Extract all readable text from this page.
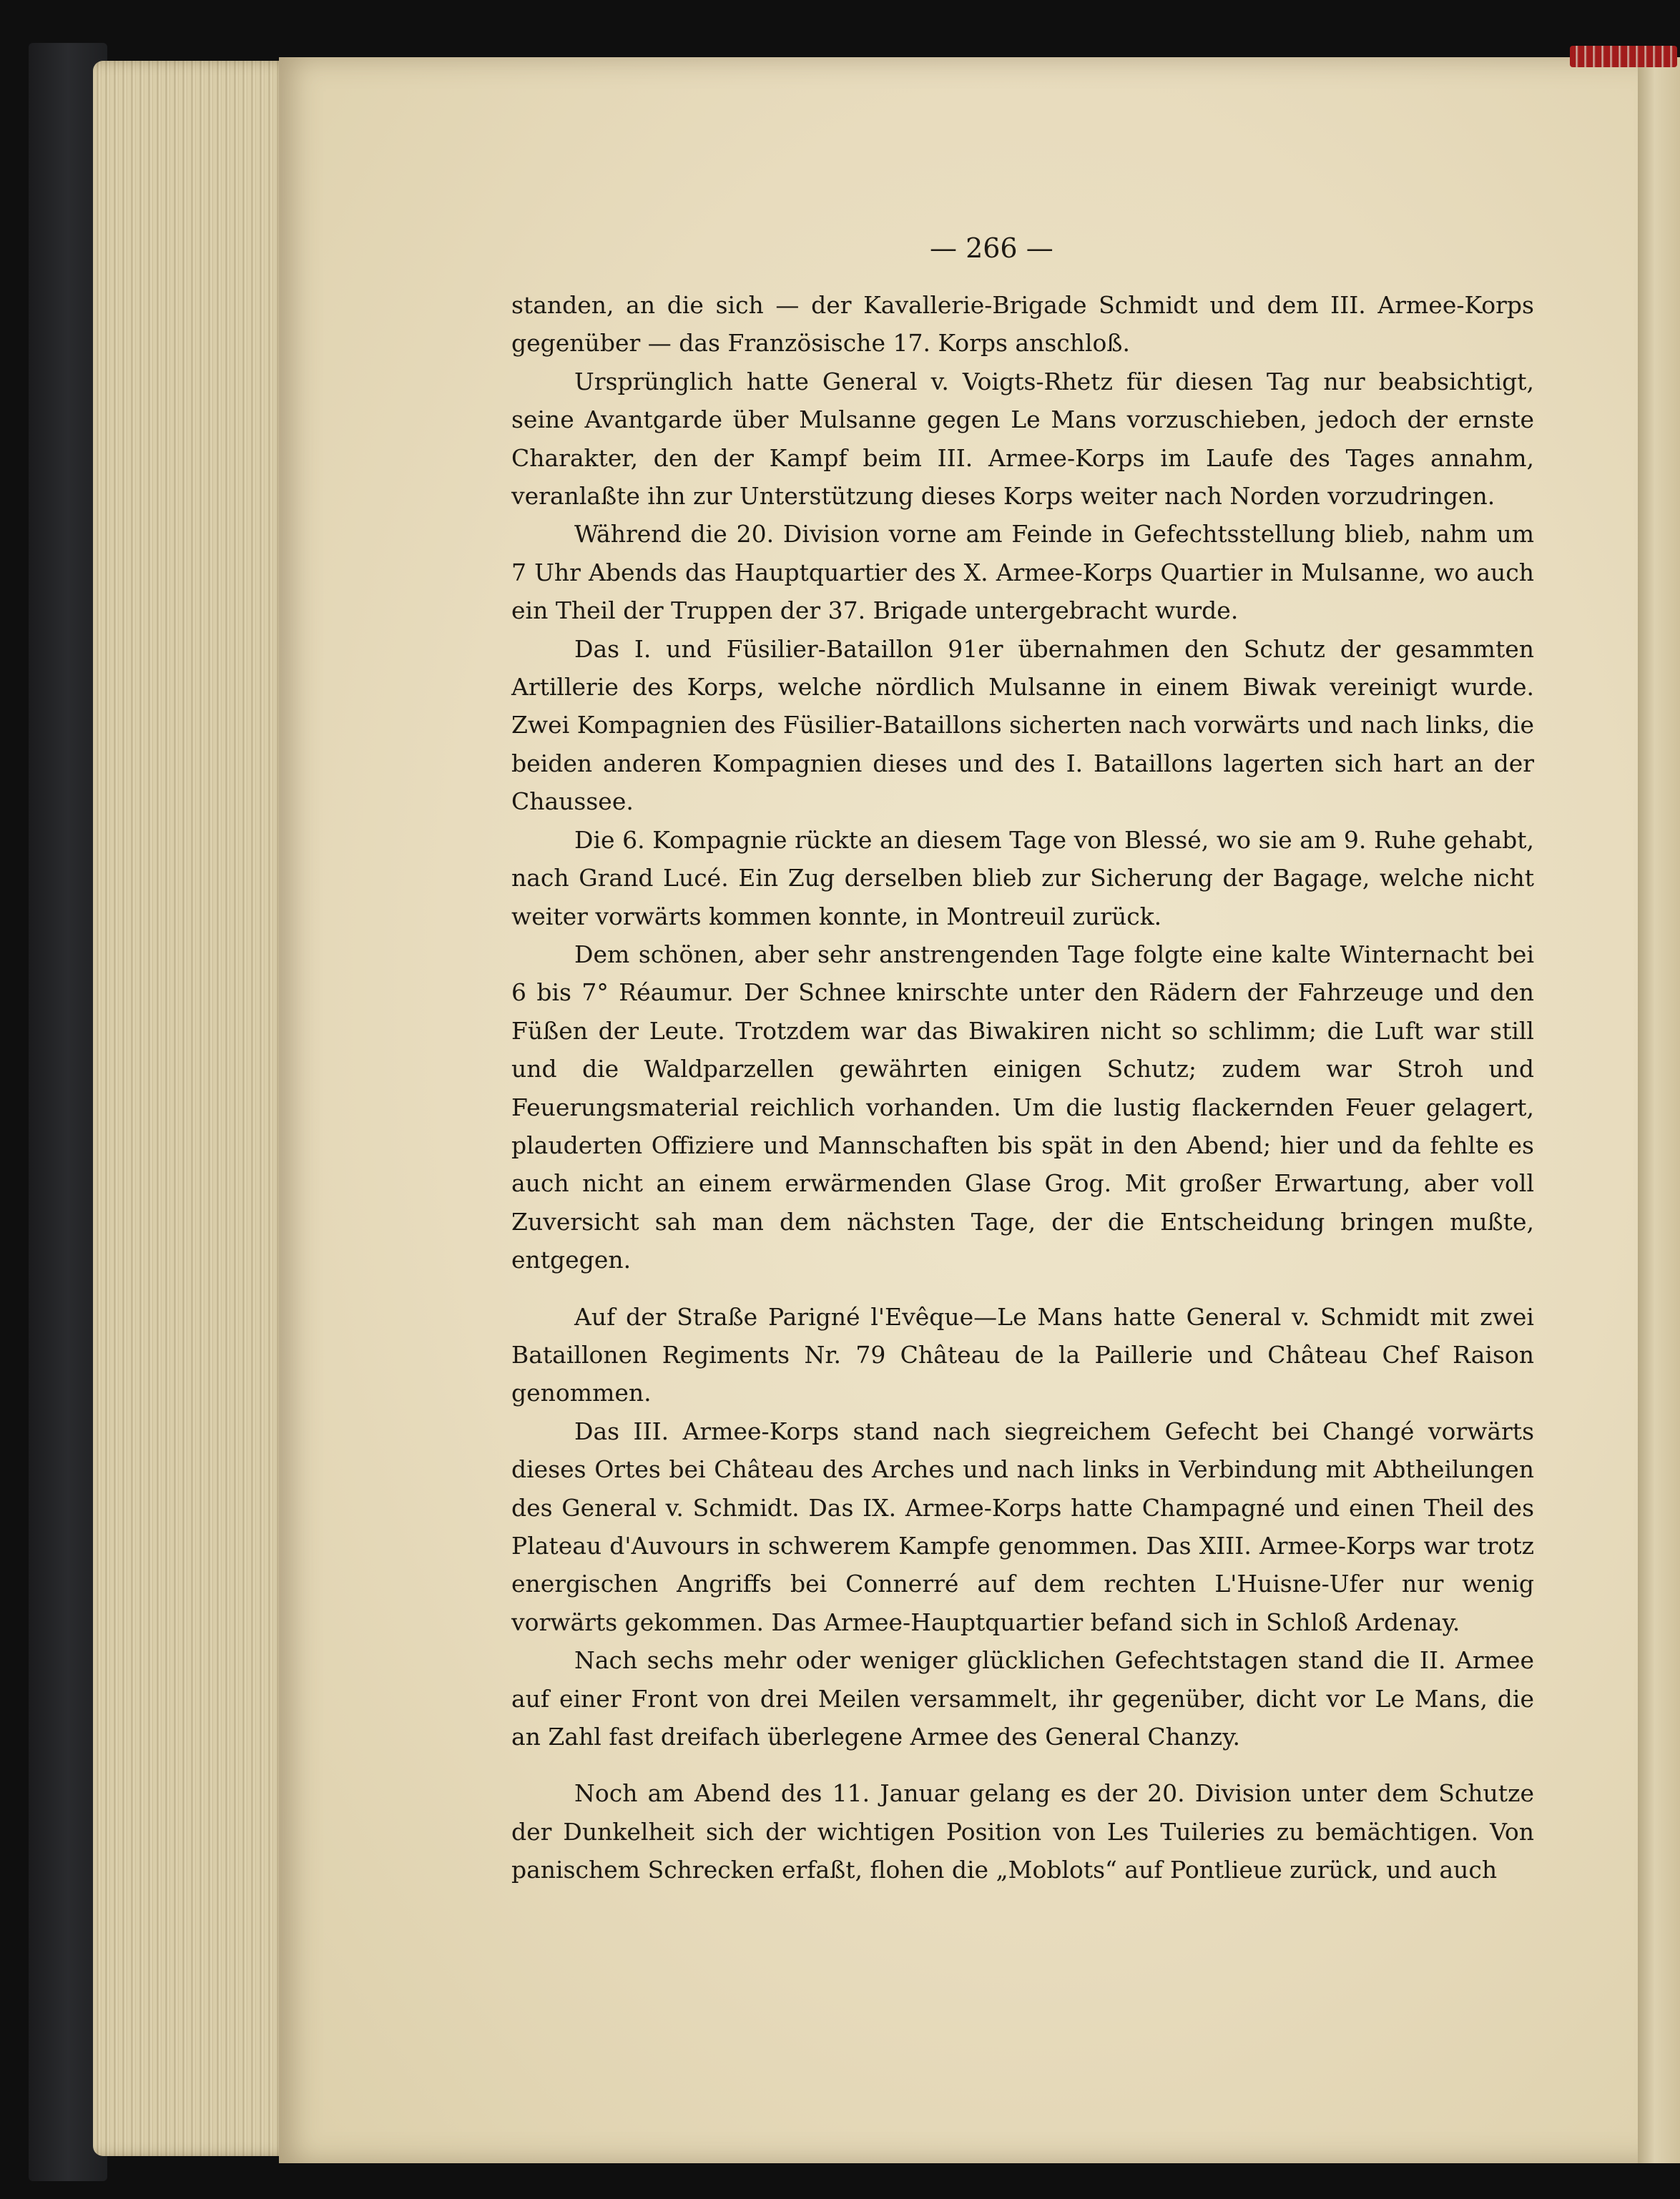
— 266 —

standen, an die sich — der Kavallerie-Brigade Schmidt und dem III. Armee-Korps gegenüber — das Französische 17. Korps anschloß.

Ursprünglich hatte General v. Voigts-Rhetz für diesen Tag nur beabsichtigt, seine Avantgarde über Mulsanne gegen Le Mans vorzuschieben, jedoch der ernste Charakter, den der Kampf beim III. Armee-Korps im Laufe des Tages annahm, veranlaßte ihn zur Unterstützung dieses Korps weiter nach Norden vorzudringen.

Während die 20. Division vorne am Feinde in Gefechtsstellung blieb, nahm um 7 Uhr Abends das Hauptquartier des X. Armee-Korps Quartier in Mulsanne, wo auch ein Theil der Truppen der 37. Brigade untergebracht wurde.

Das I. und Füsilier-Bataillon 91er übernahmen den Schutz der gesammten Artillerie des Korps, welche nördlich Mulsanne in einem Biwak vereinigt wurde. Zwei Kompagnien des Füsilier-Bataillons sicherten nach vorwärts und nach links, die beiden anderen Kompagnien dieses und des I. Bataillons lagerten sich hart an der Chaussee.

Die 6. Kompagnie rückte an diesem Tage von Blessé, wo sie am 9. Ruhe gehabt, nach Grand Lucé. Ein Zug derselben blieb zur Sicherung der Bagage, welche nicht weiter vorwärts kommen konnte, in Montreuil zurück.

Dem schönen, aber sehr anstrengenden Tage folgte eine kalte Winternacht bei 6 bis 7° Réaumur. Der Schnee knirschte unter den Rädern der Fahrzeuge und den Füßen der Leute. Trotzdem war das Biwakiren nicht so schlimm; die Luft war still und die Waldparzellen gewährten einigen Schutz; zudem war Stroh und Feuerungsmaterial reichlich vorhanden. Um die lustig flackernden Feuer gelagert, plauderten Offiziere und Mannschaften bis spät in den Abend; hier und da fehlte es auch nicht an einem erwärmenden Glase Grog. Mit großer Erwartung, aber voll Zuversicht sah man dem nächsten Tage, der die Entscheidung bringen mußte, entgegen.

Auf der Straße Parigné l'Evêque—Le Mans hatte General v. Schmidt mit zwei Bataillonen Regiments Nr. 79 Château de la Paillerie und Château Chef Raison genommen.

Das III. Armee-Korps stand nach siegreichem Gefecht bei Changé vorwärts dieses Ortes bei Château des Arches und nach links in Verbindung mit Abtheilungen des General v. Schmidt. Das IX. Armee-Korps hatte Champagné und einen Theil des Plateau d'Auvours in schwerem Kampfe genommen. Das XIII. Armee-Korps war trotz energischen Angriffs bei Connerré auf dem rechten L'Huisne-Ufer nur wenig vorwärts gekommen. Das Armee-Hauptquartier befand sich in Schloß Ardenay.

Nach sechs mehr oder weniger glücklichen Gefechtstagen stand die II. Armee auf einer Front von drei Meilen versammelt, ihr gegenüber, dicht vor Le Mans, die an Zahl fast dreifach überlegene Armee des General Chanzy.

Noch am Abend des 11. Januar gelang es der 20. Division unter dem Schutze der Dunkelheit sich der wichtigen Position von Les Tuileries zu bemächtigen. Von panischem Schrecken erfaßt, flohen die „Moblots“ auf Pontlieue zurück, und auch
